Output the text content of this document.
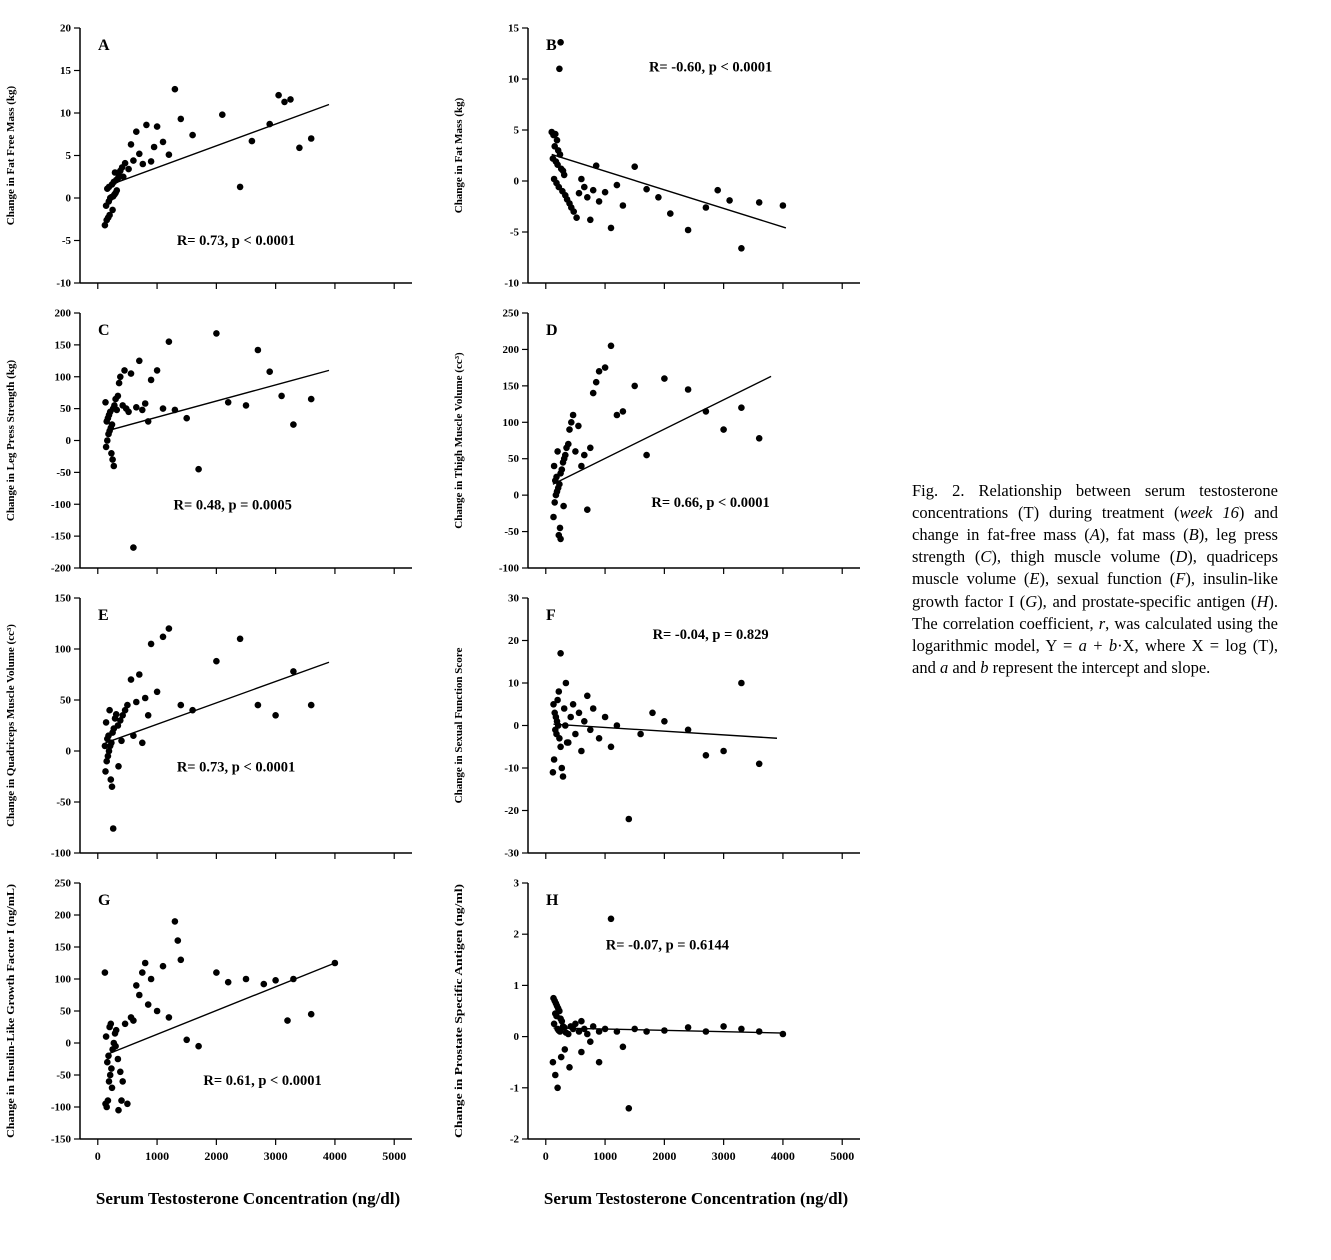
-10
-5
0
5
10
15
20
A
R= 0.73, p < 0.0001
Change in Fat Free Mass (kg)
-200
-150
-100
-50
0
50
100
150
200
C
R= 0.48, p = 0.0005
Change in Leg Press Strength (kg)
-100
-50
0
50
100
150
E
R= 0.73, p < 0.0001
Change in Quadriceps Muscle Volume (cc³)
-150
-100
-50
0
50
100
150
200
250
0	1000	2000	3000	4000	5000
G
R= 0.61, p < 0.0001
Change in Insulin-Like Growth Factor I (ng/mL)
Serum Testosterone Concentration (ng/dl)
-10
-5
0
5
10
15
B
R= -0.60, p < 0.0001
Change in Fat Mass (kg)
-100
-50
0
50
100
150
200
250
D
R= 0.66, p < 0.0001
Change in Thigh Muscle Volume (cc³)
-30
-20
-10
0
10
20
30
F
R= -0.04, p = 0.829
Change in Sexual Function Score
-2
-1
0
1
2
3
0	1000	2000	3000	4000	5000
H
R= -0.07, p = 0.6144
Change in Prostate Specific Antigen (ng/ml)
Serum Testosterone Concentration (ng/dl)
Fig. 2. Relationship between serum testosterone concentrations (T) during treatment (week 16) and change in fat-free mass (A), fat mass (B), leg press strength (C), thigh muscle volume (D), quadriceps muscle volume (E), sexual function (F), insulin-like growth factor I (G), and prostate-specific antigen (H). The correlation coefficient, r, was calculated using the logarithmic model, Y = a + b·X, where X = log (T), and a and b represent the intercept and slope.
